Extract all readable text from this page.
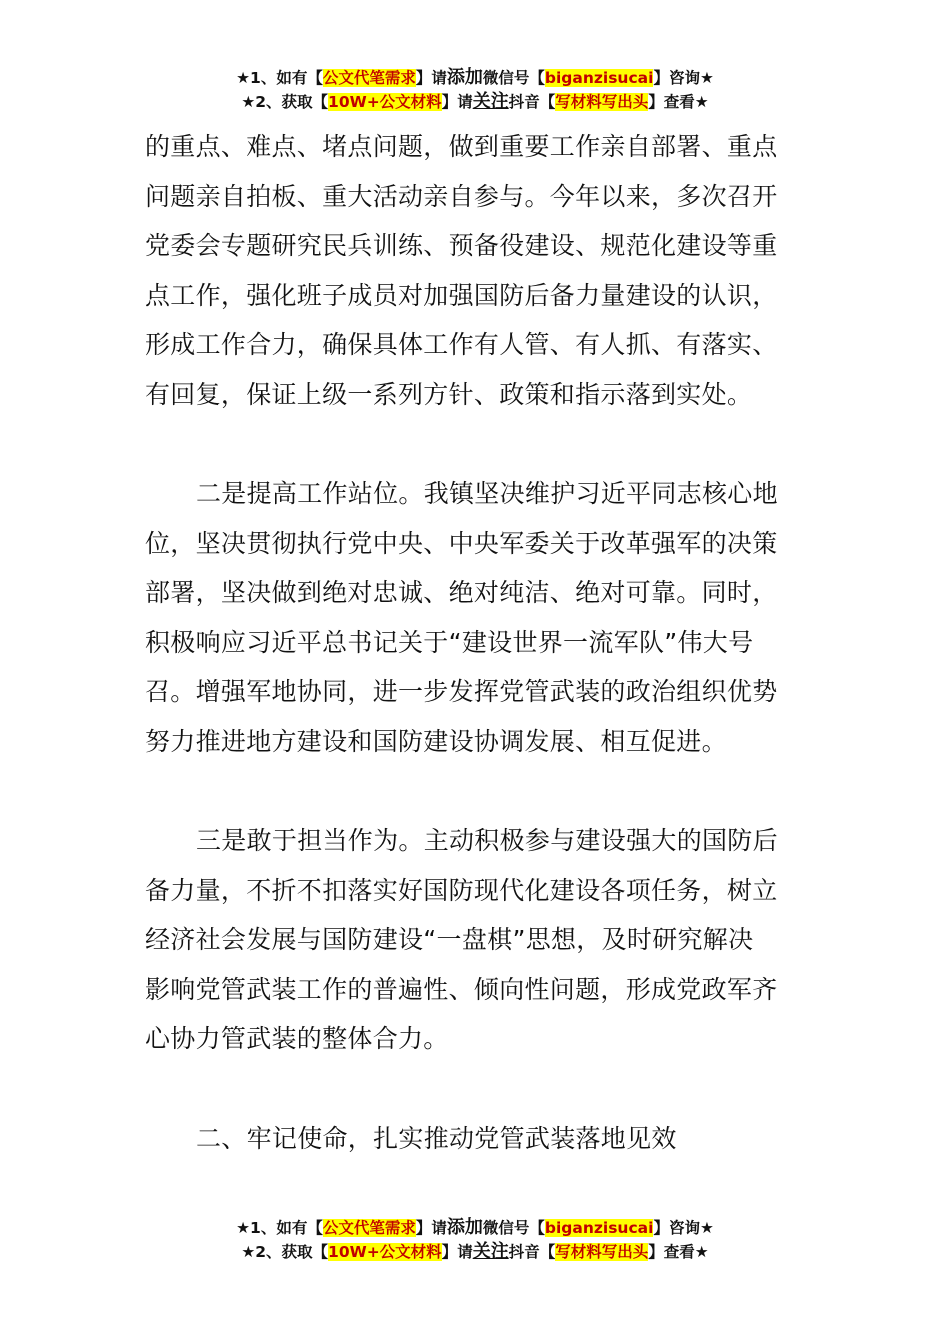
★1、如有【公文代笔需求】请添加微信号【biganzisucai】咨询★
★2、获取【10W+公文材料】请关注抖音【写材料写出头】查看★

的重点、难点、堵点问题，做到重要工作亲自部署、重点

问题亲自拍板、重大活动亲自参与。今年以来，多次召开

党委会专题研究民兵训练、预备役建设、规范化建设等重

点工作，强化班子成员对加强国防后备力量建设的认识，

形成工作合力，确保具体工作有人管、有人抓、有落实、

有回复，保证上级一系列方针、政策和指示落到实处。

二是提高工作站位。我镇坚决维护习近平同志核心地

位，坚决贯彻执行党中央、中央军委关于改革强军的决策

部署，坚决做到绝对忠诚、绝对纯洁、绝对可靠。同时，

积极响应习近平总书记关于“建设世界一流军队”伟大号

召。增强军地协同，进一步发挥党管武装的政治组织优势

努力推进地方建设和国防建设协调发展、相互促进。

三是敢于担当作为。主动积极参与建设强大的国防后

备力量，不折不扣落实好国防现代化建设各项任务，树立

经济社会发展与国防建设“一盘棋”思想，及时研究解决

影响党管武装工作的普遍性、倾向性问题，形成党政军齐

心协力管武装的整体合力。

二、牢记使命，扎实推动党管武装落地见效

★1、如有【公文代笔需求】请添加微信号【biganzisucai】咨询★
★2、获取【10W+公文材料】请关注抖音【写材料写出头】查看★
